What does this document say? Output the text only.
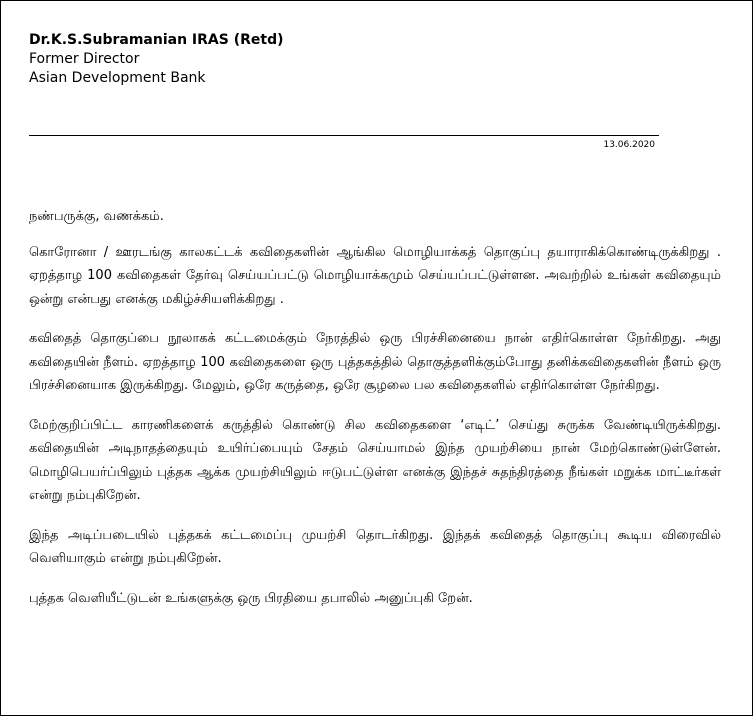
Dr.K.S.Subramanian IRAS (Retd)
Former Director
Asian Development Bank
13.06.2020

நண்பருக்கு, வணக்கம்.

கொரோனா / ஊரடங்கு காலகட்டக் கவிதைகளின் ஆங்கில மொழியாக்கத் தொகுப்பு தயாராகிக்கொண்டிருக்கிறது . ஏறத்தாழ 100 கவிதைகள் தேர்வு செய்யப்பட்டு மொழியாக்கமும் செய்யப்பட்டுள்ளன. அவற்றில் உங்கள் கவிதையும் ஒன்று என்பது எனக்கு மகிழ்ச்சியளிக்கிறது .

கவிதைத் தொகுப்பை நூலாகக் கட்டமைக்கும் நேரத்தில் ஒரு பிரச்சினையை நான் எதிர்கொள்ள நேர்கிறது. அது கவிதையின் நீளம். ஏறத்தாழ 100 கவிதைகளை ஒரு புத்தகத்தில் தொகுத்தளிக்கும்போது தனிக்கவிதைகளின் நீளம் ஒரு பிரச்சினையாக இருக்கிறது. மேலும், ஒரே கருத்தை, ஒரே சூழலை பல கவிதைகளில் எதிர்கொள்ள நேர்கிறது.

மேற்குறிப்பிட்ட காரணிகளைக் கருத்தில் கொண்டு சில கவிதைகளை ‘எடிட்’ செய்து சுருக்க வேண்டியிருக்கிறது. கவிதையின் அடிநாதத்தையும் உயிர்ப்பையும் சேதம் செய்யாமல் இந்த முயற்சியை நான் மேற்கொண்டுள்ளேன். மொழிபெயர்ப்பிலும் புத்தக ஆக்க முயற்சியிலும் ஈடுபட்டுள்ள எனக்கு இந்தச் சுதந்திரத்தை நீங்கள் மறுக்க மாட்டீர்கள் என்று நம்புகிறேன்.

இந்த அடிப்படையில் புத்தகக் கட்டமைப்பு முயற்சி தொடர்கிறது. இந்தக் கவிதைத் தொகுப்பு கூடிய விரைவில் வெளியாகும் என்று நம்புகிறேன்.

புத்தக வெளியீட்டுடன் உங்களுக்கு ஒரு பிரதியை தபாலில் அனுப்புகி றேன்.
